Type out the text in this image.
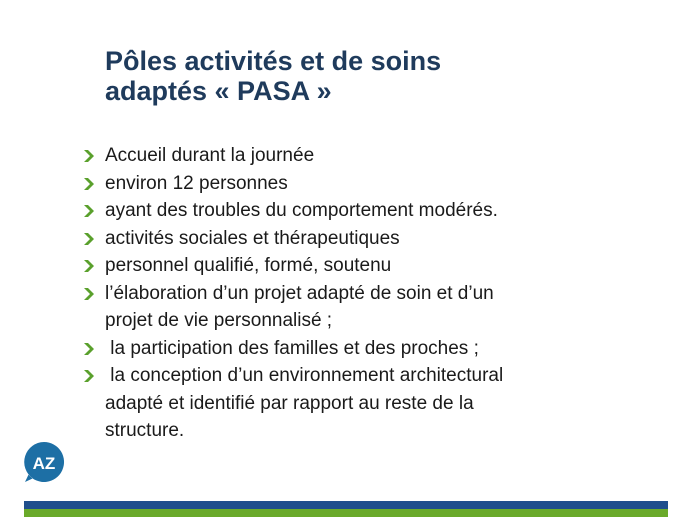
Pôles activités et de soins
adaptés « PASA »
Accueil durant la journée
environ 12 personnes
ayant des troubles du comportement modérés.
activités sociales et thérapeutiques
personnel qualifié, formé, soutenu
l’élaboration d’un projet adapté de soin et d’un
projet de vie personnalisé ;
la participation des familles et des proches ;
la conception d’un environnement architectural
adapté et identifié par rapport au reste de la
structure.
AZ
